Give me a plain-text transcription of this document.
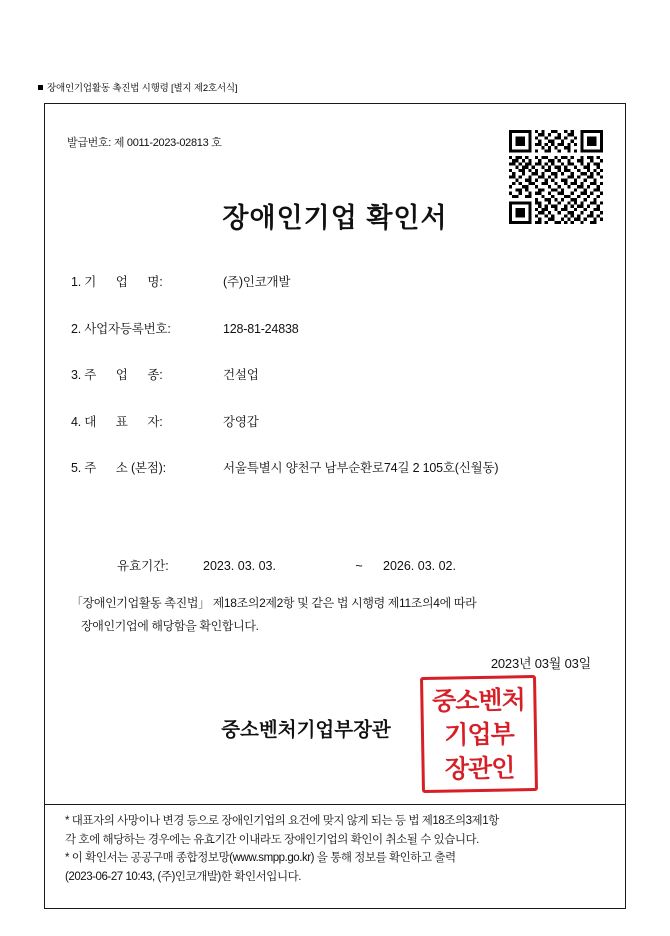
장애인기업활동 촉진법 시행령 [별지 제2호서식]
발급번호: 제 0011-2023-02813 호
장애인기업 확인서
1. 기      업      명:	(주)인코개발
2. 사업자등록번호:	128-81-24838
3. 주      업      종:	건설업
4. 대      표      자:	강영갑
5. 주      소 (본점):	서울특별시 양천구 남부순환로74길 2 105호(신월동)
유효기간:	2023. 03. 03.	~	2026. 03. 02.
「장애인기업활동 촉진법」 제18조의2제2항 및 같은 법 시행령 제11조의4에 따라
장애인기업에 해당함을 확인합니다.
2023년 03월 03일
중소벤처기업부장관
중소벤처
기업부
장관인

* 대표자의 사망이나 변경 등으로 장애인기업의 요건에 맞지 않게 되는 등 법 제18조의3제1항

각 호에 해당하는 경우에는 유효기간 이내라도 장애인기업의 확인이 취소될 수 있습니다.

* 이 확인서는 공공구매 종합정보망(www.smpp.go.kr) 을 통해 정보를 확인하고 출력

(2023-06-27 10:43, (주)인코개발)한 확인서입니다.
